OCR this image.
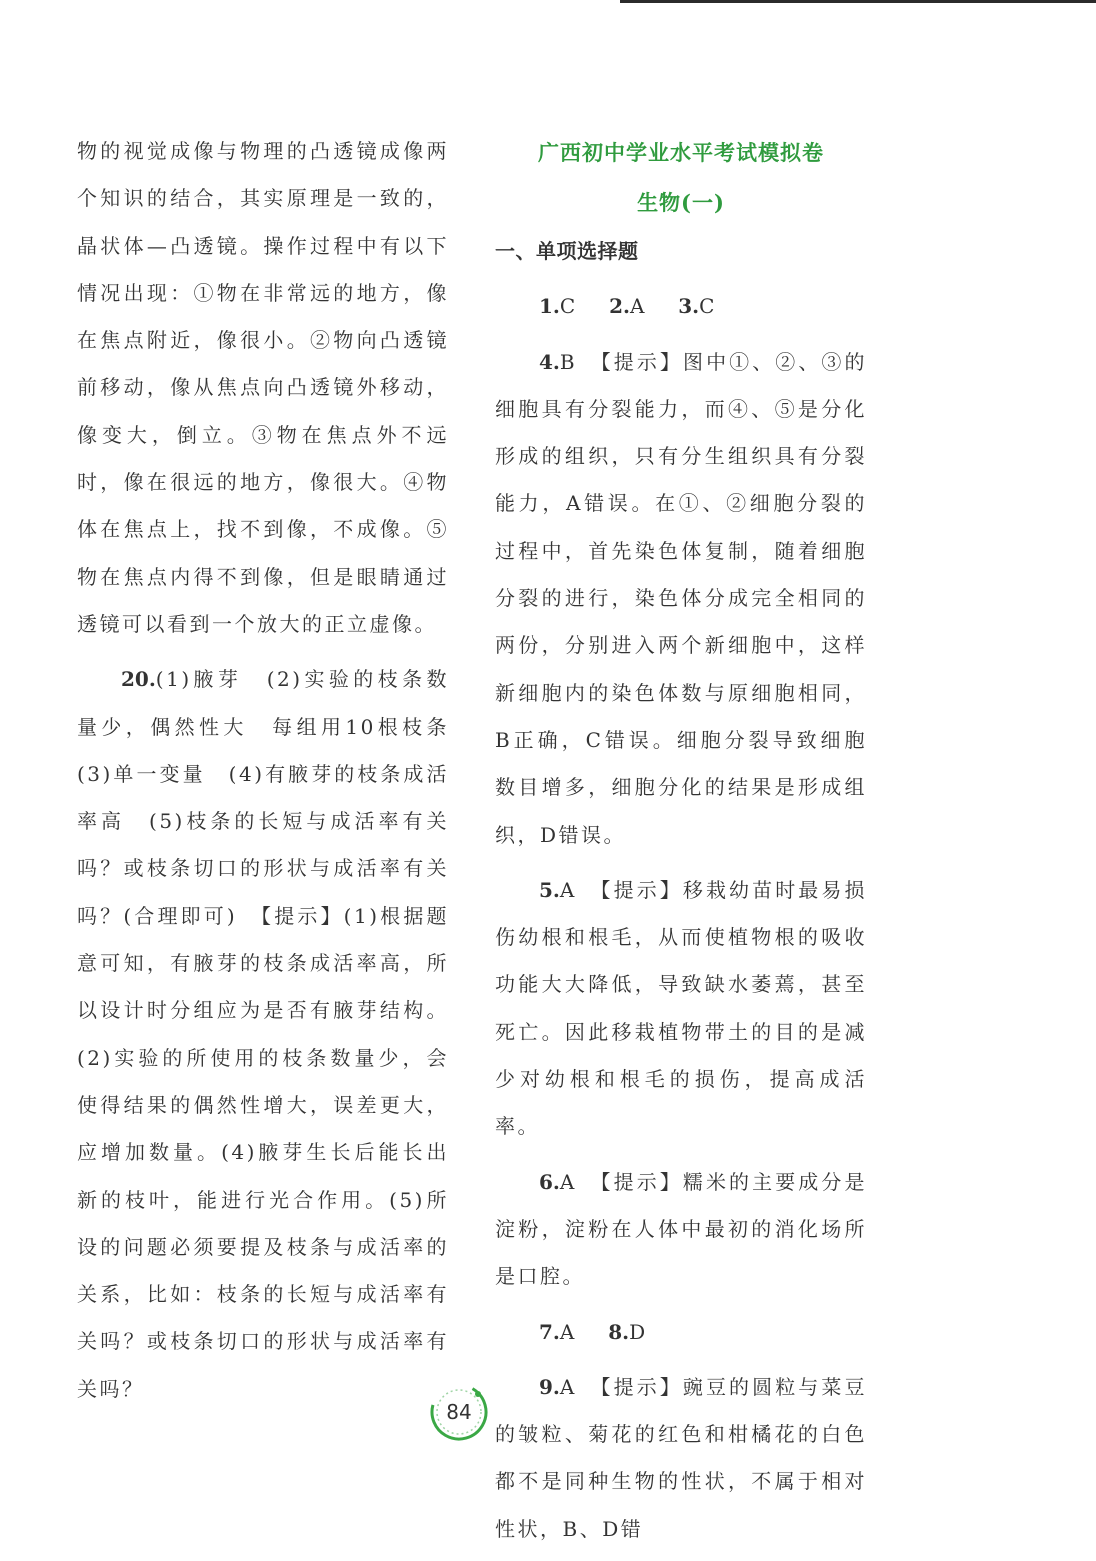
物的视觉成像与物理的凸透镜成像两个知识的结合，其实原理是一致的，晶状体—凸透镜。操作过程中有以下情况出现：①物在非常远的地方，像在焦点附近，像很小。②物向凸透镜前移动，像从焦点向凸透镜外移动，像变大，倒立。③物在焦点外不远时，像在很远的地方，像很大。④物体在焦点上，找不到像，不成像。⑤物在焦点内得不到像，但是眼睛通过透镜可以看到一个放大的正立虚像。

20.(1)腋芽　(2)实验的枝条数量少，偶然性大　每组用10根枝条　(3)单一变量　(4)有腋芽的枝条成活率高　(5)枝条的长短与成活率有关吗？或枝条切口的形状与成活率有关吗？(合理即可)　【提示】(1)根据题意可知，有腋芽的枝条成活率高，所以设计时分组应为是否有腋芽结构。(2)实验的所使用的枝条数量少，会使得结果的偶然性增大，误差更大，应增加数量。(4)腋芽生长后能长出新的枝叶，能进行光合作用。(5)所设的问题必须要提及枝条与成活率的关系，比如：枝条的长短与成活率有关吗？或枝条切口的形状与成活率有关吗？

广西初中学业水平考试模拟卷

生物(一)

一、单项选择题

1.C　 2.A　 3.C

4.B　【提示】图中①、②、③的细胞具有分裂能力，而④、⑤是分化形成的组织，只有分生组织具有分裂能力，A错误。在①、②细胞分裂的过程中，首先染色体复制，随着细胞分裂的进行，染色体分成完全相同的两份，分别进入两个新细胞中，这样新细胞内的染色体数与原细胞相同，B正确，C错误。细胞分裂导致细胞数目增多，细胞分化的结果是形成组织，D错误。

5.A　【提示】移栽幼苗时最易损伤幼根和根毛，从而使植物根的吸收功能大大降低，导致缺水萎蔫，甚至死亡。因此移栽植物带土的目的是减少对幼根和根毛的损伤，提高成活率。

6.A　【提示】糯米的主要成分是淀粉，淀粉在人体中最初的消化场所是口腔。

7.A　 8.D

9.A　【提示】豌豆的圆粒与菜豆的皱粒、菊花的红色和柑橘花的白色都不是同种生物的性状，不属于相对性状，B、D错

84
